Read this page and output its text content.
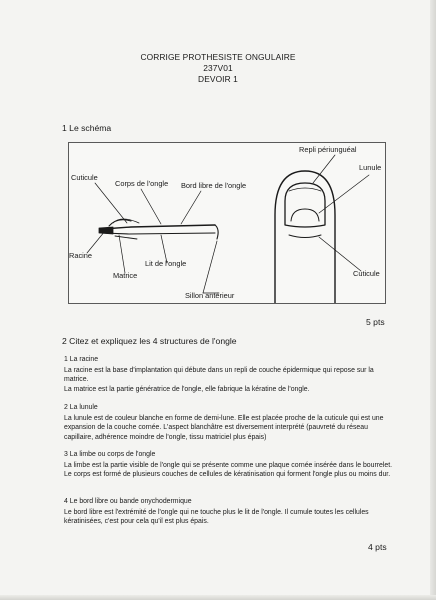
CORRIGE PROTHESISTE ONGULAIRE
237V01
DEVOIR 1
1 Le schéma
Cuticule
Corps de l'ongle Bord libre de l'ongle
Racine
Lit de l'ongle
Matrice
Sillon antérieur
Repli périunguéal
Lunule
Cuticule
5 pts
2 Citez et expliquez les 4 structures de l'ongle
1 La racine

La racine est la base d'implantation qui débute dans un repli de couche épidermique qui repose sur la matrice.

La matrice est la partie génératrice de l'ongle, elle fabrique la kératine de l'ongle.

2 La lunule

La lunule est de couleur blanche en forme de demi-lune. Elle est placée proche de la cuticule qui est une expansion de la couche cornée. L'aspect blanchâtre est diversement interprété (pauvreté du réseau capillaire, adhérence moindre de l'ongle, tissu matriciel plus épais)

3 La limbe ou corps de l'ongle

La limbe est la partie visible de l'ongle qui se présente comme une plaque cornée insérée dans le bourrelet. Le corps est formé de plusieurs couches de cellules de kératinisation qui forment l'ongle plus ou moins dur.

4 Le bord libre ou bande onychodermique

Le bord libre est l'extrémité de l'ongle qui ne touche plus le lit de l'ongle. Il cumule toutes les cellules kératinisées, c'est pour cela qu'il est plus épais.

4 pts
